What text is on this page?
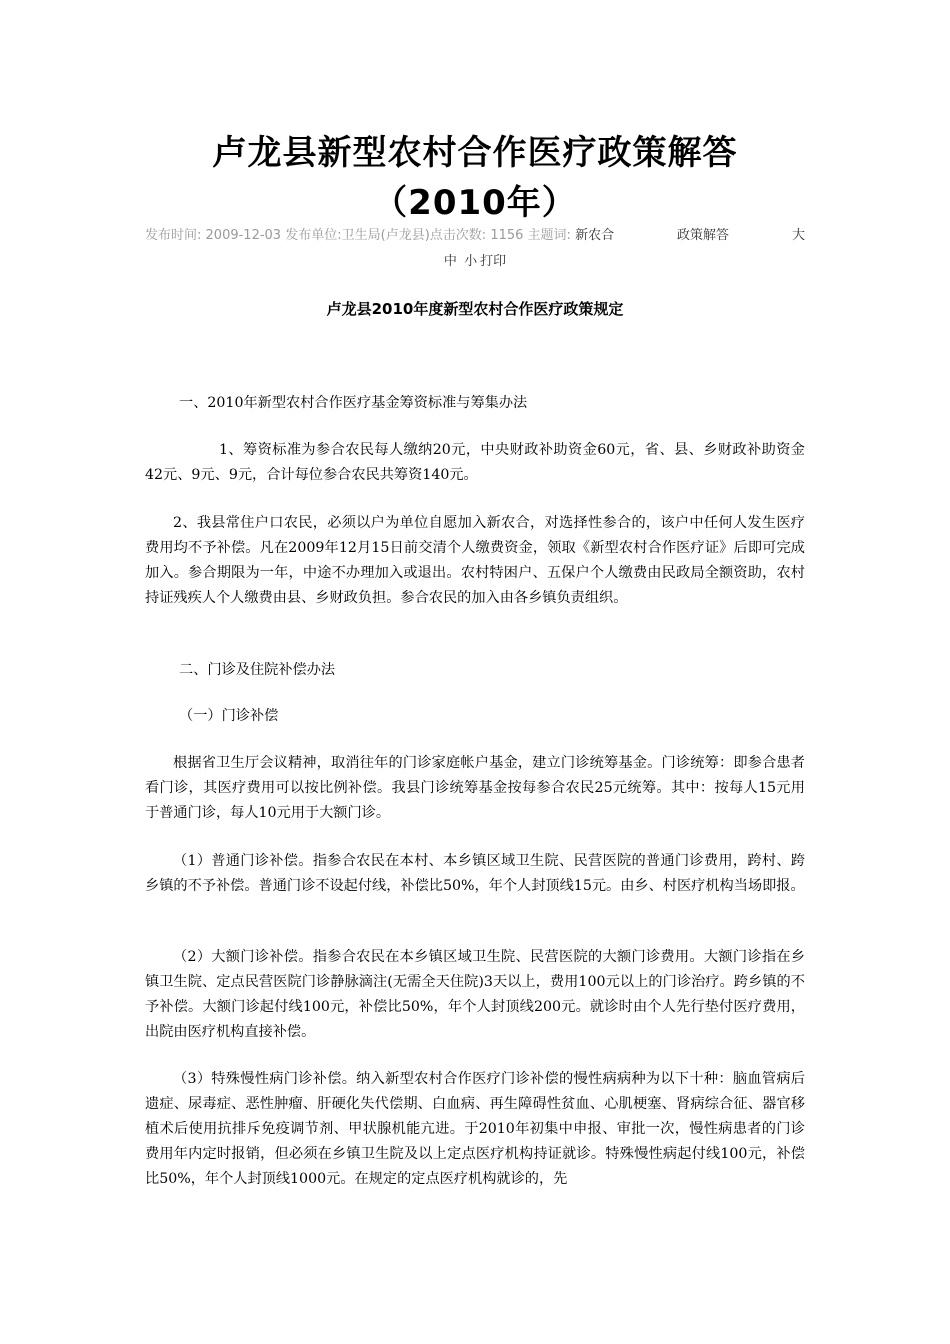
卢龙县新型农村合作医疗政策解答
（2010年）
发布时间: 2009-12-03 发布单位:卫生局(卢龙县)点击次数: 1156 主题词: 新农合	政策解答	大
中 小 打印
卢龙县2010年度新型农村合作医疗政策规定
一、2010年新型农村合作医疗基金筹资标准与筹集办法
1、筹资标准为参合农民每人缴纳20元，中央财政补助资金60元，省、县、乡财政补助资金42元、9元、9元，合计每位参合农民共筹资140元。
2、我县常住户口农民，必须以户为单位自愿加入新农合，对选择性参合的，该户中任何人发生医疗费用均不予补偿。凡在2009年12月15日前交清个人缴费资金，领取《新型农村合作医疗证》后即可完成加入。参合期限为一年，中途不办理加入或退出。农村特困户、五保户个人缴费由民政局全额资助，农村持证残疾人个人缴费由县、乡财政负担。参合农民的加入由各乡镇负责组织。
二、门诊及住院补偿办法
（一）门诊补偿
根据省卫生厅会议精神，取消往年的门诊家庭帐户基金，建立门诊统筹基金。门诊统筹：即参合患者看门诊，其医疗费用可以按比例补偿。我县门诊统筹基金按每参合农民25元统筹。其中：按每人15元用于普通门诊，每人10元用于大额门诊。
（1）普通门诊补偿。指参合农民在本村、本乡镇区域卫生院、民营医院的普通门诊费用，跨村、跨乡镇的不予补偿。普通门诊不设起付线，补偿比50%，年个人封顶线15元。由乡、村医疗机构当场即报。
（2）大额门诊补偿。指参合农民在本乡镇区域卫生院、民营医院的大额门诊费用。大额门诊指在乡镇卫生院、定点民营医院门诊静脉滴注(无需全天住院)3天以上，费用100元以上的门诊治疗。跨乡镇的不予补偿。大额门诊起付线100元，补偿比50%，年个人封顶线200元。就诊时由个人先行垫付医疗费用，出院由医疗机构直接补偿。
（3）特殊慢性病门诊补偿。纳入新型农村合作医疗门诊补偿的慢性病病种为以下十种：脑血管病后遗症、尿毒症、恶性肿瘤、肝硬化失代偿期、白血病、再生障碍性贫血、心肌梗塞、肾病综合征、器官移植术后使用抗排斥免疫调节剂、甲状腺机能亢进。于2010年初集中申报、审批一次，慢性病患者的门诊费用年内定时报销，但必须在乡镇卫生院及以上定点医疗机构持证就诊。特殊慢性病起付线100元，补偿比50%，年个人封顶线1000元。在规定的定点医疗机构就诊的，先
